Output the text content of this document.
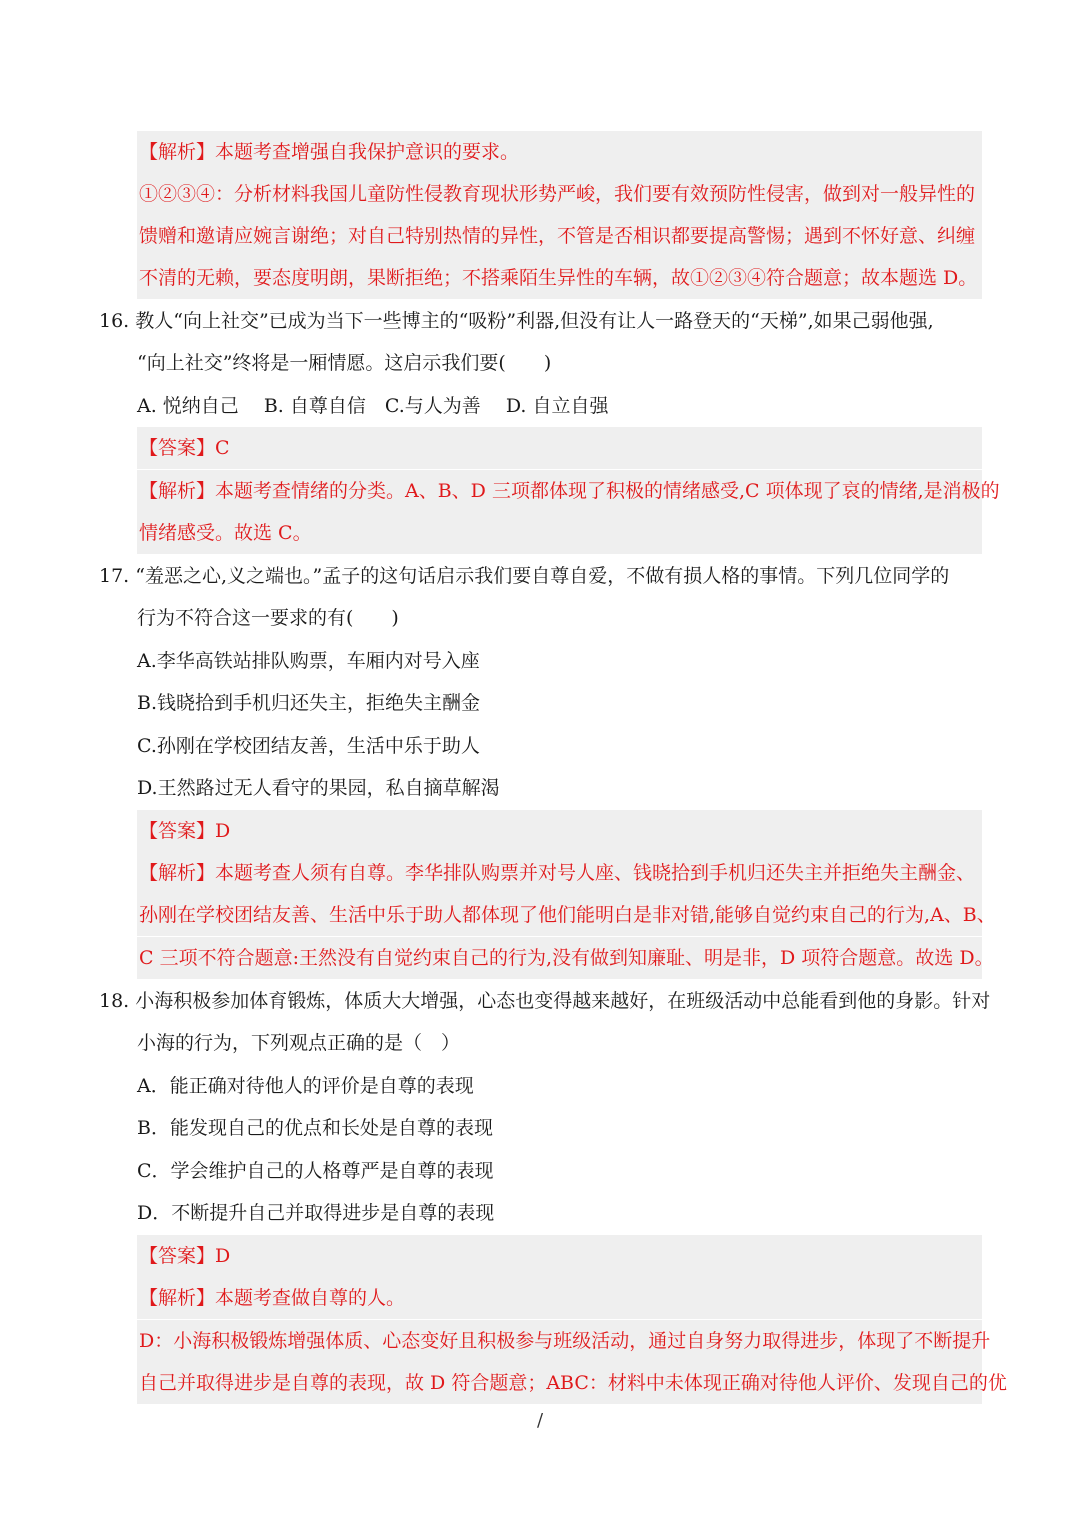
【解析】本题考查增强自我保护意识的要求。
①②③④：分析材料我国儿童防性侵教育现状形势严峻，我们要有效预防性侵害，做到对一般异性的
馈赠和邀请应婉言谢绝；对自己特别热情的异性，不管是否相识都要提高警惕；遇到不怀好意、纠缠
不清的无赖，要态度明朗，果断拒绝；不搭乘陌生异性的车辆，故①②③④符合题意；故本题选 D。
16. 教人“向上社交”已成为当下一些博主的“吸粉”利器,但没有让人一路登天的“天梯”,如果己弱他强,
“向上社交”终将是一厢情愿。这启示我们要(　　)
A. 悦纳自己　 B. 自尊自信　C.与人为善　 D. 自立自强
【答案】C
【解析】本题考查情绪的分类。A、B、D 三项都体现了积极的情绪感受,C 项体现了哀的情绪,是消极的
情绪感受。故选 C。
17. “羞恶之心,义之端也。”孟子的这句话启示我们要自尊自爱，不做有损人格的事情。下列几位同学的
行为不符合这一要求的有(　　)
A.李华高铁站排队购票，车厢内对号入座
B.钱晓拾到手机归还失主，拒绝失主酬金
C.孙刚在学校团结友善，生活中乐于助人
D.王然路过无人看守的果园，私自摘草解渴
【答案】D
【解析】本题考查人须有自尊。李华排队购票并对号人座、钱晓拾到手机归还失主并拒绝失主酬金、
孙刚在学校团结友善、生活中乐于助人都体现了他们能明白是非对错,能够自觉约束自己的行为,A、B、
C 三项不符合题意:王然没有自觉约束自己的行为,没有做到知廉耻、明是非，D 项符合题意。故选 D。
18. 小海积极参加体育锻炼，体质大大增强，心态也变得越来越好，在班级活动中总能看到他的身影。针对
小海的行为，下列观点正确的是（　）
A．能正确对待他人的评价是自尊的表现
B．能发现自己的优点和长处是自尊的表现
C．学会维护自己的人格尊严是自尊的表现
D．不断提升自己并取得进步是自尊的表现
【答案】D
【解析】本题考查做自尊的人。
D：小海积极锻炼增强体质、心态变好且积极参与班级活动，通过自身努力取得进步，体现了不断提升
自己并取得进步是自尊的表现，故 D 符合题意；ABC：材料中未体现正确对待他人评价、发现自己的优
/
